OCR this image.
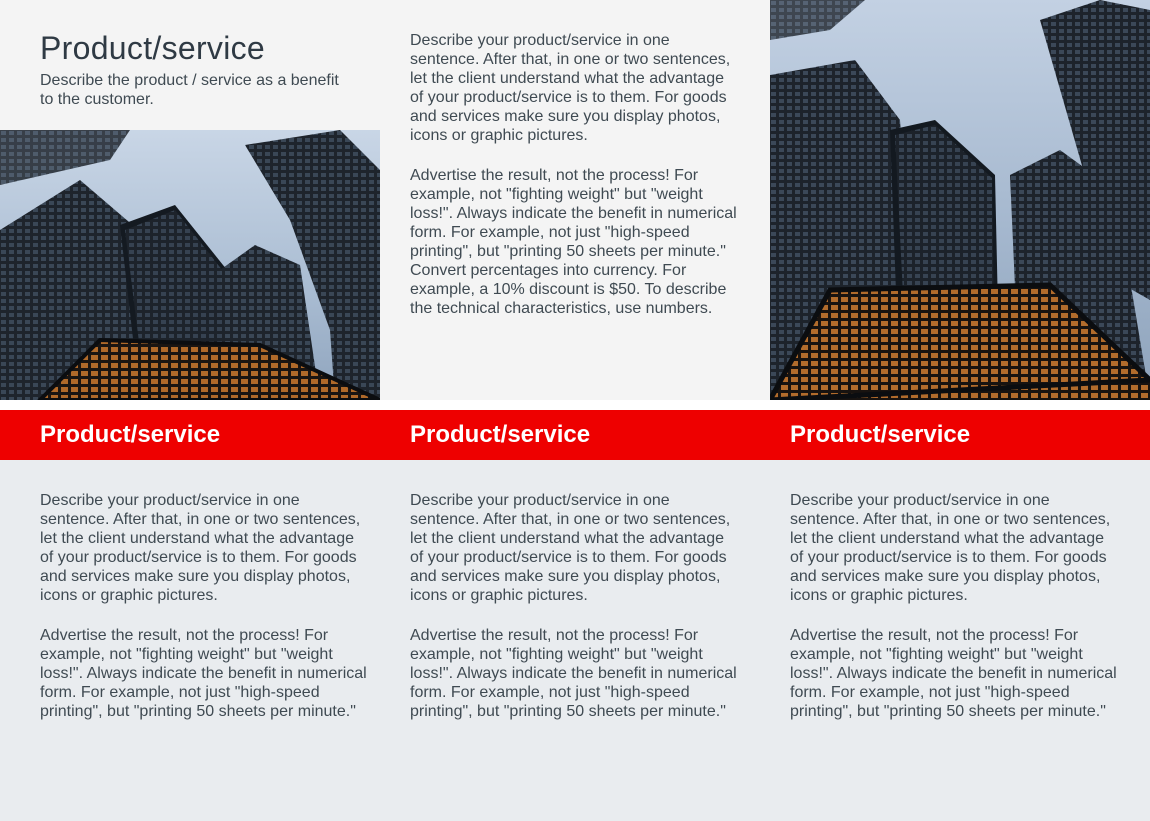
Product/service
Describe the product / service as a benefit to the customer.

Describe your product/service in one sentence. After that, in one or two sentences, let the client understand what the advantage of your product/service is to them. For goods and services make sure you display photos, icons or graphic pictures.

Advertise the result, not the process! For example, not "fighting weight" but "weight loss!". Always indicate the benefit in numerical form. For example, not just "high-speed printing", but "printing 50 sheets per minute." Convert percentages into currency. For example, a 10% discount is $50. To describe the technical characteristics, use numbers.

Product/service	Product/service	Product/service

Describe your product/service in one sentence. After that, in one or two sentences, let the client understand what the advantage of your product/service is to them. For goods and services make sure you display photos, icons or graphic pictures.

Advertise the result, not the process! For example, not "fighting weight" but "weight loss!". Always indicate the benefit in numerical form. For example, not just "high-speed printing", but "printing 50 sheets per minute."

Describe your product/service in one sentence. After that, in one or two sentences, let the client understand what the advantage of your product/service is to them. For goods and services make sure you display photos, icons or graphic pictures.

Advertise the result, not the process! For example, not "fighting weight" but "weight loss!". Always indicate the benefit in numerical form. For example, not just "high-speed printing", but "printing 50 sheets per minute."

Describe your product/service in one sentence. After that, in one or two sentences, let the client understand what the advantage of your product/service is to them. For goods and services make sure you display photos, icons or graphic pictures.

Advertise the result, not the process! For example, not "fighting weight" but "weight loss!". Always indicate the benefit in numerical form. For example, not just "high-speed printing", but "printing 50 sheets per minute."
